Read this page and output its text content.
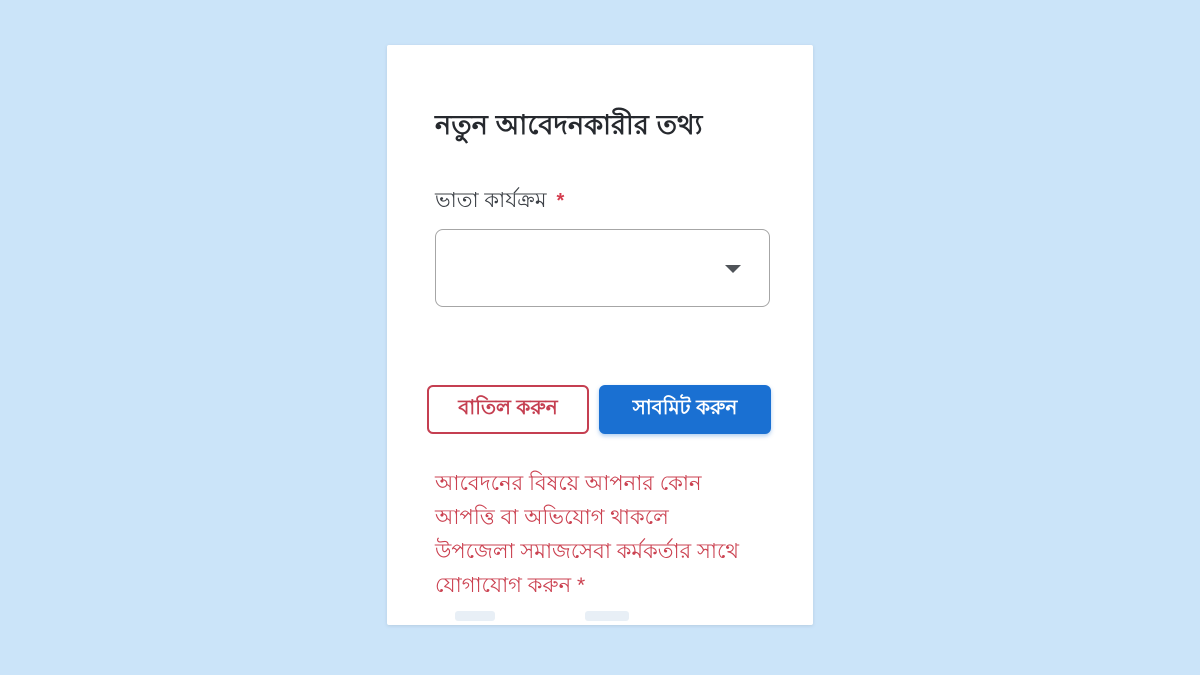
নতুন আবেদনকারীর তথ্য
ভাতা কার্যক্রম *
বাতিল করুন	সাবমিট করুন
আবেদনের বিষয়ে আপনার কোন
আপত্তি বা অভিযোগ থাকলে
উপজেলা সমাজসেবা কর্মকর্তার সাথে
যোগাযোগ করুন *
